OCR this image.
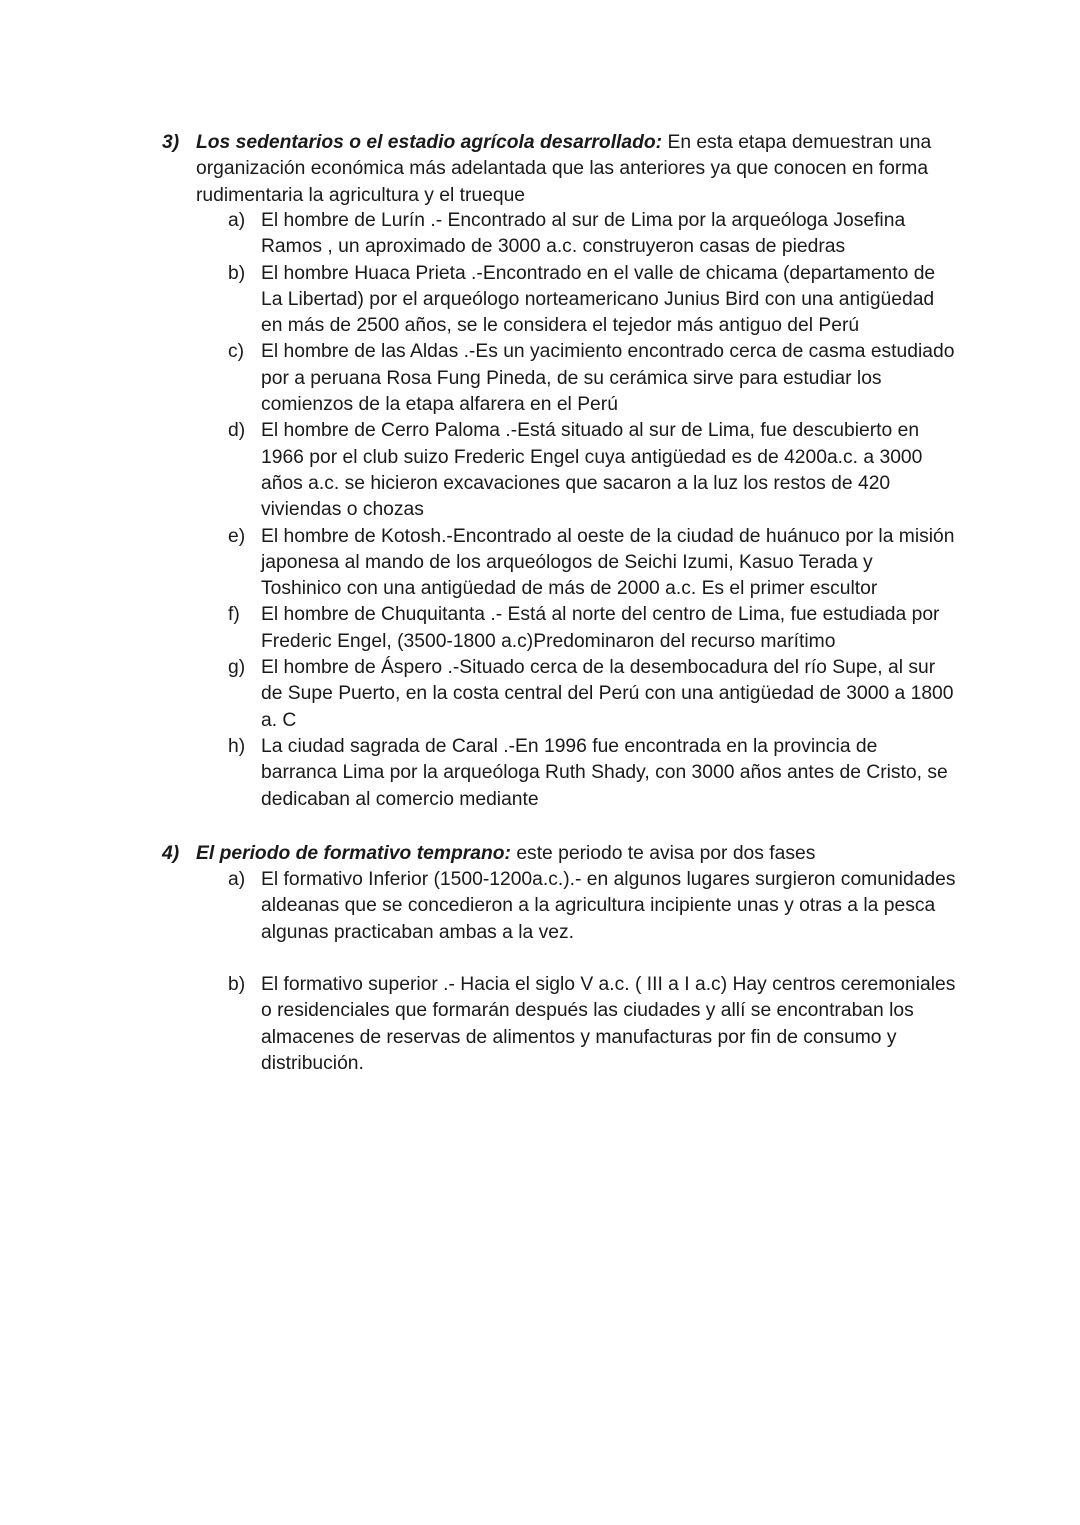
3) Los sedentarios o el estadio agrícola desarrollado: En esta etapa demuestran una organización económica más adelantada que las anteriores ya que conocen en forma rudimentaria la agricultura y el trueque
a) El hombre de Lurín .- Encontrado al sur de Lima por la arqueóloga Josefina Ramos , un aproximado de 3000 a.c. construyeron casas de piedras
b) El hombre Huaca Prieta .-Encontrado en el valle de chicama (departamento de La Libertad) por el arqueólogo norteamericano Junius Bird con una antigüedad en más de 2500 años, se le considera el tejedor más antiguo del Perú
c) El hombre de las Aldas .-Es un yacimiento encontrado cerca de casma estudiado por a peruana Rosa Fung Pineda, de su cerámica sirve para estudiar los comienzos de la etapa alfarera en el Perú
d) El hombre de Cerro Paloma .-Está situado al sur de Lima, fue descubierto en 1966 por el club suizo Frederic Engel cuya antigüedad es de 4200a.c. a 3000 años a.c. se hicieron excavaciones que sacaron a la luz los restos de 420 viviendas o chozas
e) El hombre de Kotosh.-Encontrado al oeste de la ciudad de huánuco por la misión japonesa al mando de los arqueólogos de Seichi Izumi, Kasuo Terada y Toshinico con una antigüedad de más de 2000 a.c. Es el primer escultor
f) El hombre de Chuquitanta .- Está al norte del centro de Lima, fue estudiada por Frederic Engel, (3500-1800 a.c)Predominaron del recurso marítimo
g) El hombre de Áspero .-Situado cerca de la desembocadura del río Supe, al sur de Supe Puerto, en la costa central del Perú con una antigüedad de 3000 a 1800 a. C
h) La ciudad sagrada de Caral .-En 1996 fue encontrada en la provincia de barranca Lima por la arqueóloga Ruth Shady, con 3000 años antes de Cristo, se dedicaban al comercio mediante
4) El periodo de formativo temprano: este periodo te avisa por dos fases
a) El formativo Inferior (1500-1200a.c.).- en algunos lugares surgieron comunidades aldeanas que se concedieron a la agricultura incipiente unas y otras a la pesca algunas practicaban ambas a la vez.
b) El formativo superior .- Hacia el siglo V a.c. ( III a I a.c) Hay centros ceremoniales o residenciales que formarán después las ciudades y allí se encontraban los almacenes de reservas de alimentos y manufacturas por fin de consumo y distribución.
